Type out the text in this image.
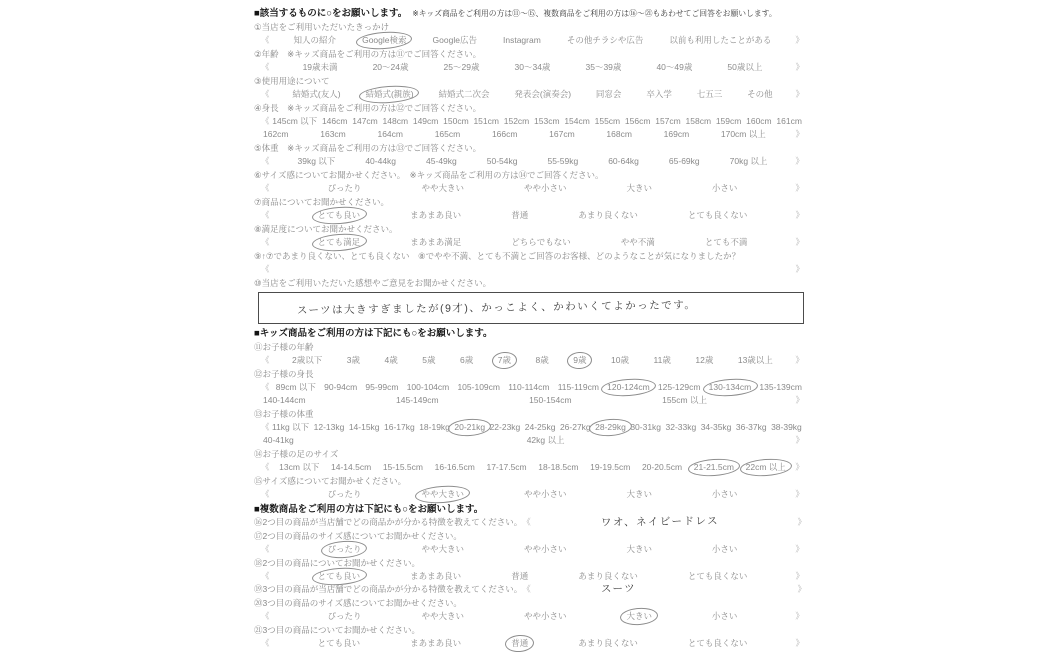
■該当するものに○をお願いします。 ※キッズ商品をご利用の方は⑪～⑮、複数商品をご利用の方は⑯～㉑もあわせてご回答をお願いします。
①当店をご利用いただいたきっかけ
《	知人の紹介	Google検索	Google広告	Instagram	その他チラシや広告	以前も利用したことがある	》
②年齢　※キッズ商品をご利用の方は⑪でご回答ください。
《	19歳未満	20～24歳	25～29歳	30～34歳	35～39歳	40～49歳	50歳以上	》
③使用用途について
《	結婚式(友人)	結婚式(親族)	結婚式二次会	発表会(演奏会)	同窓会	卒入学	七五三	その他	》
④身長　※キッズ商品をご利用の方は⑫でご回答ください。
《 145cm 以下 146cm 147cm 148cm 149cm 150cm 151cm 152cm 153cm 154cm 155cm 156cm 157cm 158cm 159cm 160cm 161cm
162cm	163cm	164cm	165cm	166cm	167cm	168cm	169cm	170cm 以上	》
⑤体重　※キッズ商品をご利用の方は⑬でご回答ください。
《	39kg 以下	40-44kg	45-49kg	50-54kg	55-59kg	60-64kg	65-69kg	70kg 以上	》
⑥サイズ感についてお聞かせください。　※キッズ商品をご利用の方は⑭でご回答ください。
《	ぴったり	やや大きい	やや小さい	大きい	小さい	》
⑦商品についてお聞かせください。
《	とても良い	まあまあ良い	普通	あまり良くない	とても良くない	》
⑧満足度についてお聞かせください。
《	とても満足	まあまあ満足	どちらでもない	やや不満	とても不満	》
⑨↑⑦であまり良くない、とても良くない　⑧でやや不満、とても不満とご回答のお客様、どのようなことが気になりましたか？
《	》
⑩当店をご利用いただいた感想やご意見をお聞かせください。
スーツは大きすぎましたが(9才)、かっこよく、かわいくてよかったです。
■キッズ商品をご利用の方は下記にも○をお願いします。
⑪お子様の年齢
《	2歳以下	3歳	4歳	5歳	6歳	7歳	8歳	9歳	10歳	11歳	12歳	13歳以上	》
⑫お子様の身長
《 89cm 以下 90-94cm 95-99cm 100-104cm 105-109cm 110-114cm 115-119cm 120-124cm 125-129cm 130-134cm 135-139cm
140-144cm	145-149cm	150-154cm	155cm 以上	》
⑬お子様の体重
《 11kg 以下 12-13kg 14-15kg 16-17kg 18-19kg 20-21kg 22-23kg 24-25kg 26-27kg 28-29kg 30-31kg 32-33kg 34-35kg 36-37kg 38-39kg
40-41kg	42kg 以上	》
⑭お子様の足のサイズ
《 13cm 以下 14-14.5cm 15-15.5cm 16-16.5cm 17-17.5cm 18-18.5cm 19-19.5cm 20-20.5cm 21-21.5cm 22cm 以上 》
⑮サイズ感についてお聞かせください。
《	ぴったり	やや大きい	やや小さい	大きい	小さい	》
■複数商品をご利用の方は下記にも○をお願いします。
⑯2つ目の商品が当店舗でどの商品かが分かる特徴を教えてください。 《	ワオ、ネイビードレス	》
⑰2つ目の商品のサイズ感についてお聞かせください。
《	ぴったり	やや大きい	やや小さい	大きい	小さい	》
⑱2つ目の商品についてお聞かせください。
《	とても良い	まあまあ良い	普通	あまり良くない	とても良くない	》
⑲3つ目の商品が当店舗でどの商品かが分かる特徴を教えてください。 《	スーツ	》
⑳3つ目の商品のサイズ感についてお聞かせください。
《	ぴったり	やや大きい	やや小さい	大きい	小さい	》
㉑3つ目の商品についてお聞かせください。
《	とても良い	まあまあ良い	普通	あまり良くない	とても良くない	》
